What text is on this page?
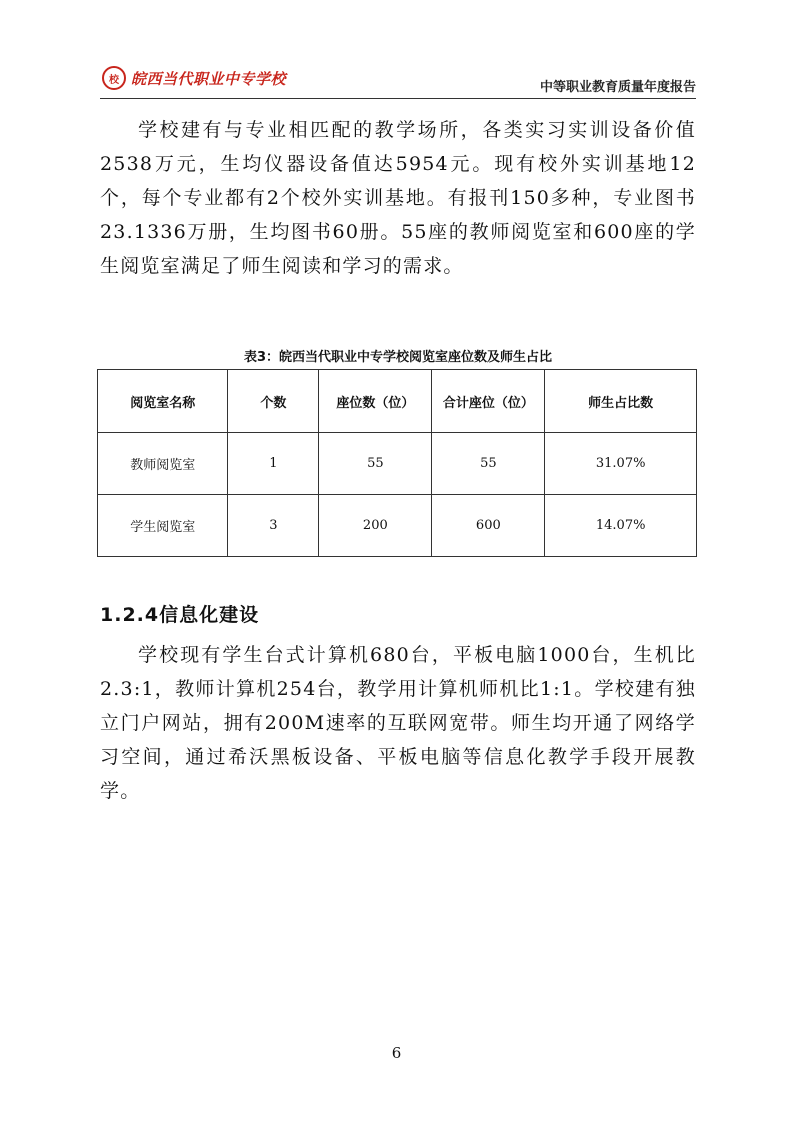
校 皖西当代职业中专学校	中等职业教育质量年度报告

学校建有与专业相匹配的教学场所，各类实习实训设备价值2538万元，生均仪器设备值达5954元。现有校外实训基地12个，每个专业都有2个校外实训基地。有报刊150多种，专业图书23.1336万册，生均图书60册。55座的教师阅览室和600座的学生阅览室满足了师生阅读和学习的需求。

表3：皖西当代职业中专学校阅览室座位数及师生占比
阅览室名称	个数	座位数（位）	合计座位（位）	师生占比数
教师阅览室	1	55	55	31.07%
学生阅览室	3	200	600	14.07%
1.2.4信息化建设

学校现有学生台式计算机680台，平板电脑1000台，生机比2.3:1，教师计算机254台，教学用计算机师机比1:1。学校建有独立门户网站，拥有200M速率的互联网宽带。师生均开通了网络学习空间，通过希沃黑板设备、平板电脑等信息化教学手段开展教学。

6
